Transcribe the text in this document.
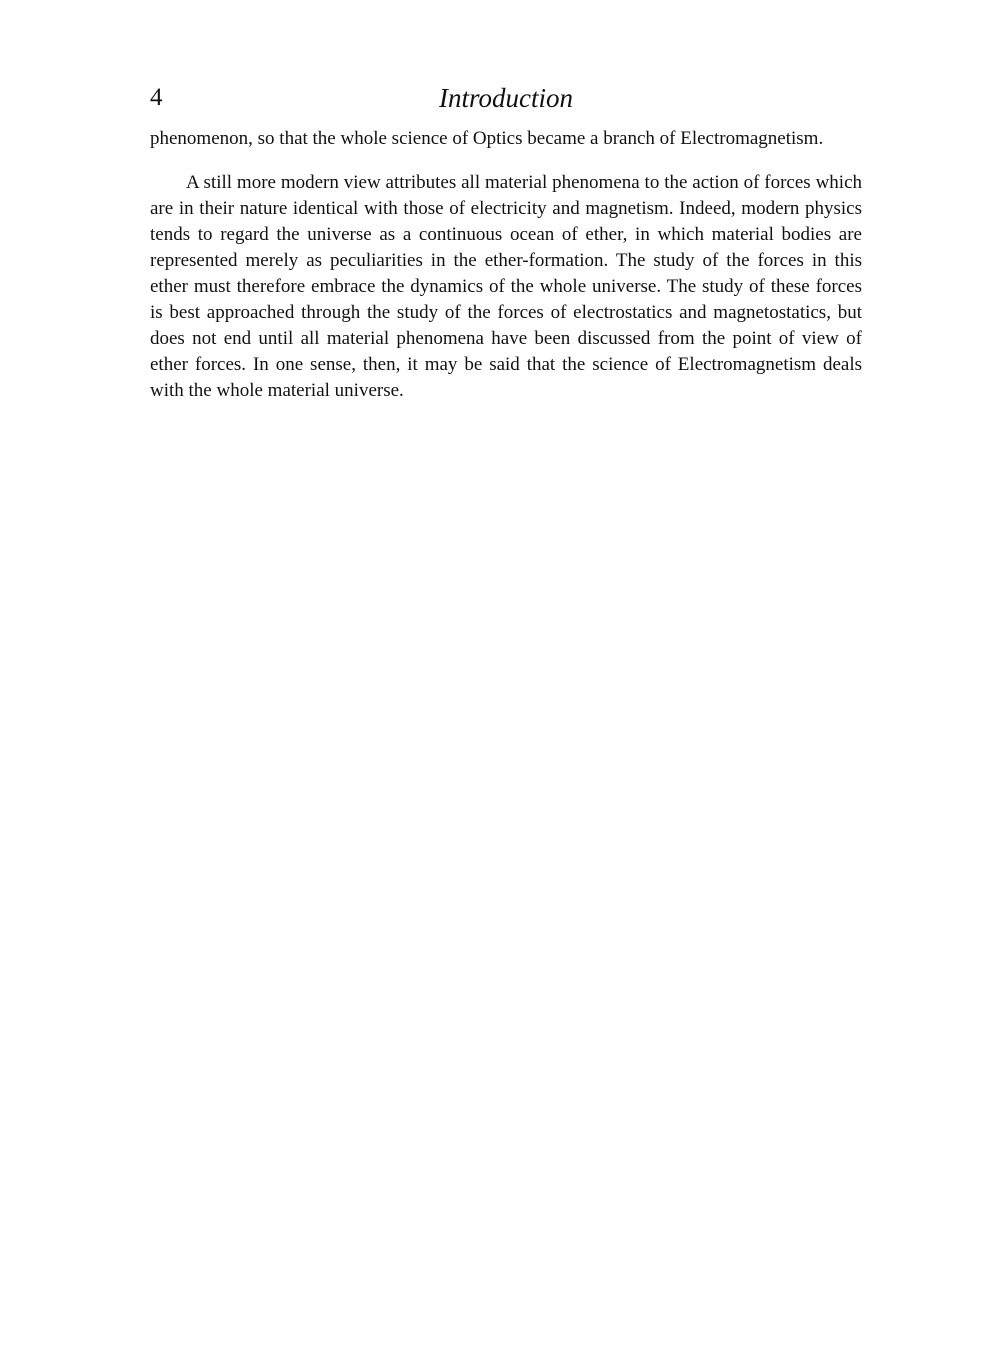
4	Introduction

phenomenon, so that the whole science of Optics became a branch of Electromagnetism.

A still more modern view attributes all material phenomena to the action of forces which are in their nature identical with those of electricity and magnetism. Indeed, modern physics tends to regard the universe as a continuous ocean of ether, in which material bodies are represented merely as peculiarities in the ether-formation. The study of the forces in this ether must therefore embrace the dynamics of the whole universe. The study of these forces is best approached through the study of the forces of electrostatics and magnetostatics, but does not end until all material phenomena have been discussed from the point of view of ether forces. In one sense, then, it may be said that the science of Electromagnetism deals with the whole material universe.
